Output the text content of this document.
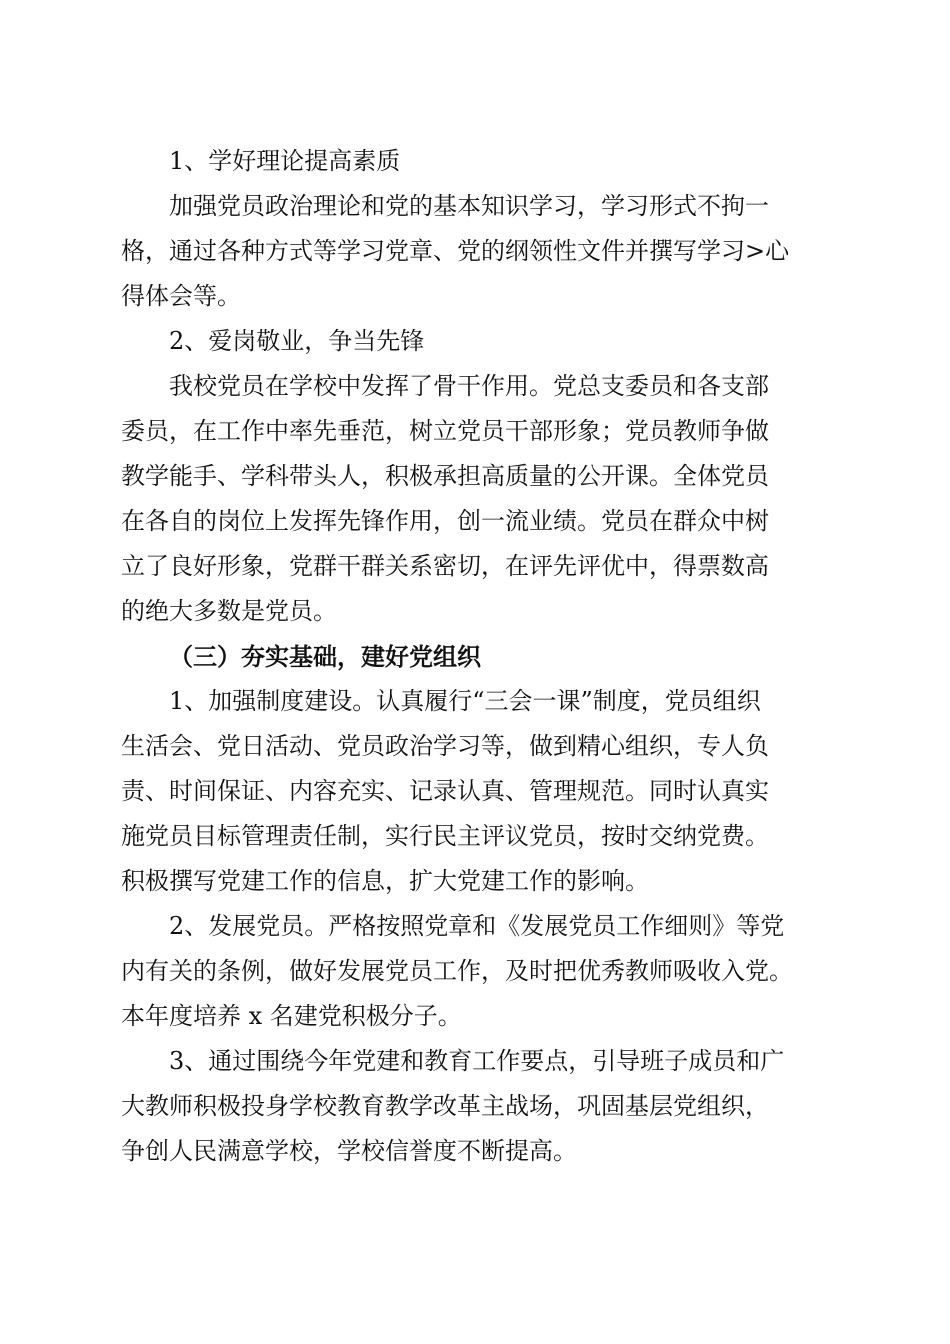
1、学好理论提高素质
加强党员政治理论和党的基本知识学习，学习形式不拘一
格，通过各种方式等学习党章、党的纲领性文件并撰写学习>心
得体会等。
2、爱岗敬业，争当先锋
我校党员在学校中发挥了骨干作用。党总支委员和各支部
委员，在工作中率先垂范，树立党员干部形象；党员教师争做
教学能手、学科带头人，积极承担高质量的公开课。全体党员
在各自的岗位上发挥先锋作用，创一流业绩。党员在群众中树
立了良好形象，党群干群关系密切，在评先评优中，得票数高
的绝大多数是党员。
（三）夯实基础，建好党组织
1、加强制度建设。认真履行“三会一课”制度，党员组织
生活会、党日活动、党员政治学习等，做到精心组织，专人负
责、时间保证、内容充实、记录认真、管理规范。同时认真实
施党员目标管理责任制，实行民主评议党员，按时交纳党费。
积极撰写党建工作的信息，扩大党建工作的影响。
2、发展党员。严格按照党章和《发展党员工作细则》等党
内有关的条例，做好发展党员工作，及时把优秀教师吸收入党。
本年度培养 x 名建党积极分子。
3、通过围绕今年党建和教育工作要点，引导班子成员和广
大教师积极投身学校教育教学改革主战场，巩固基层党组织，
争创人民满意学校，学校信誉度不断提高。
